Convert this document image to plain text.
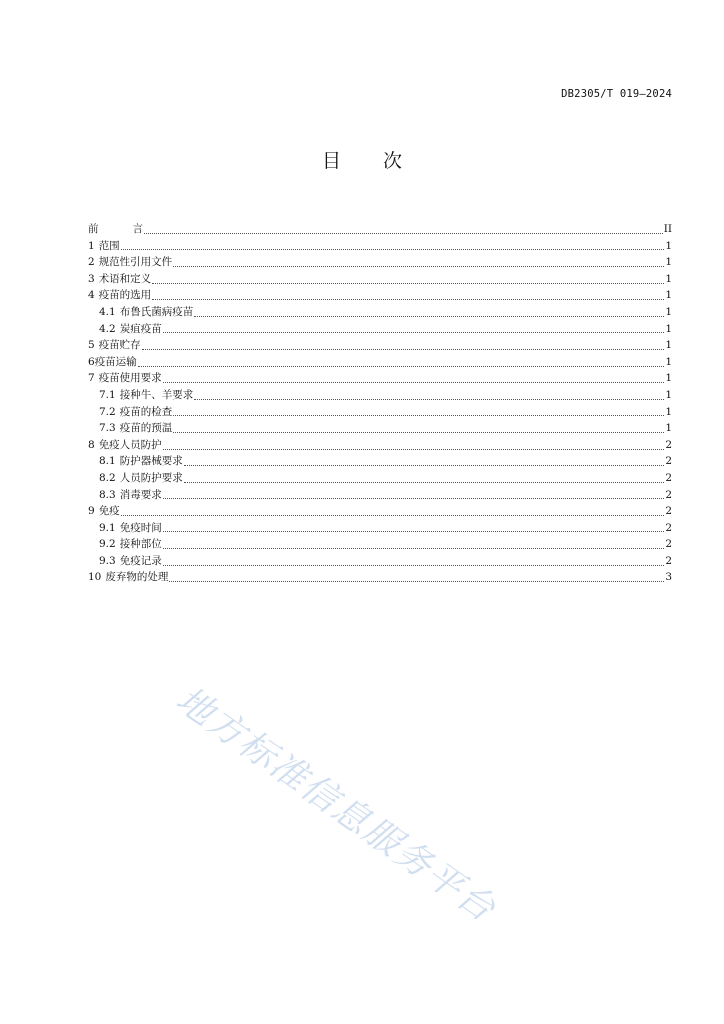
DB2305/T 019—2024
目 次
前	言	II
1 范围	1
2 规范性引用文件	1
3 术语和定义	1
4 疫苗的选用	1
4.1 布鲁氏菌病疫苗	1
4.2 炭疽疫苗	1
5 疫苗贮存	1
6 疫苗运输	1
7 疫苗使用要求	1
7.1 接种牛、羊要求	1
7.2 疫苗的检查	1
7.3 疫苗的预温	1
8 免疫人员防护	2
8.1 防护器械要求	2
8.2 人员防护要求	2
8.3 消毒要求	2
9 免疫	2
9.1 免疫时间	2
9.2 接种部位	2
9.3 免疫记录	2
10 废弃物的处理	3
地方标准信息服务平台
